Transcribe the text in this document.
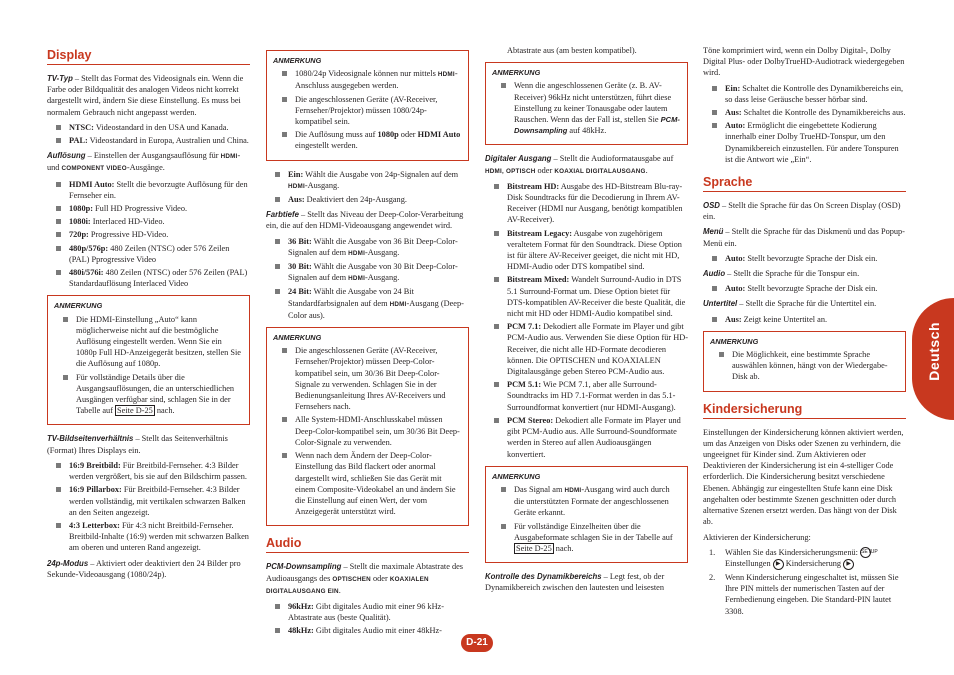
Display

TV-Typ – Stellt das Format des Videosignals ein. Wenn die Farbe oder Bildqualität des analogen Videos nicht korrekt dargestellt wird, ändern Sie diese Einstellung. Es muss bei normalem Gebrauch nicht angepasst werden.

NTSC: Videostandard in den USA und Kanada.
PAL: Videostandard in Europa, Australien und China.

Auflösung – Einstellen der Ausgangsauflösung für HDMI- und COMPONENT VIDEO-Ausgänge.

HDMI Auto: Stellt die bevorzugte Auflösung für den Fernseher ein.
1080p: Full HD Progressive Video.
1080i: Interlaced HD-Video.
720p: Progressive HD-Video.
480p/576p: 480 Zeilen (NTSC) oder 576 Zeilen (PAL) Pprogressive Video
480i/576i: 480 Zeilen (NTSC) oder 576 Zeilen (PAL) Standardauflösung Interlaced Video
ANMERKUNG
Die HDMI-Einstellung „Auto“ kann möglicherweise nicht auf die bestmögliche Auflösung eingestellt werden. Wenn Sie ein 1080p Full HD-Anzeigegerät besitzen, stellen Sie die Auflösung auf 1080p.
Für vollständige Details über die Ausgangsauflösungen, die an unterschiedlichen Ausgängen verfügbar sind, schlagen Sie in der Tabelle auf Seite D-25 nach.

TV-Bildseitenverhältnis – Stellt das Seitenverhältnis (Format) Ihres Displays ein.

16:9 Breitbild: Für Breitbild-Fernseher. 4:3 Bilder werden vergrößert, bis sie auf den Bildschirm passen.
16:9 Pillarbox: Für Breitbild-Fernseher. 4:3 Bilder werden vollständig, mit vertikalen schwarzen Balken an den Seiten angezeigt.
4:3 Letterbox: Für 4:3 nicht Breitbild-Fernseher. Breitbild-Inhalte (16:9) werden mit schwarzen Balken am oberen und unteren Rand angezeigt.

24p-Modus – Aktiviert oder deaktiviert den 24 Bilder pro Sekunde-Videoausgang (1080/24p).

ANMERKUNG
1080/24p Videosignale können nur mittels HDMI-Anschluss ausgegeben werden.
Die angeschlossenen Geräte (AV-Receiver, Fernseher/Projektor) müssen 1080/24p-kompatibel sein.
Die Auflösung muss auf 1080p oder HDMI Auto eingestellt werden.
Ein: Wählt die Ausgabe von 24p-Signalen auf dem HDMI-Ausgang.
Aus: Deaktiviert den 24p-Ausgang.

Farbtiefe – Stellt das Niveau der Deep-Color-Verarbeitung ein, die auf den HDMI-Videoausgang angewendet wird.

36 Bit: Wählt die Ausgabe von 36 Bit Deep-Color-Signalen auf dem HDMI-Ausgang.
30 Bit: Wählt die Ausgabe von 30 Bit Deep-Color-Signalen auf dem HDMI-Ausgang.
24 Bit: Wählt die Ausgabe von 24 Bit Standardfarbsignalen auf dem HDMI-Ausgang (Deep-Color aus).
ANMERKUNG
Die angeschlossenen Geräte (AV-Receiver, Fernseher/Projektor) müssen Deep-Color-kompatibel sein, um 30/36 Bit Deep-Color-Signale zu verwenden. Schlagen Sie in der Bedienungsanleitung Ihres AV-Receivers und Fernsehers nach.
Alle System-HDMI-Anschlusskabel müssen Deep-Color-kompatibel sein, um 30/36 Bit Deep-Color-Signale zu verwenden.
Wenn nach dem Ändern der Deep-Color-Einstellung das Bild flackert oder anormal dargestellt wird, schließen Sie das Gerät mit einem Composite-Videokabel an und ändern Sie die Einstellung auf einen Wert, der vom Anzeigegerät unterstützt wird.
Audio

PCM-Downsampling – Stellt die maximale Abtastrate des Audioausgangs des OPTISCHEN oder KOAXIALEN DIGITALAUSGANG EIN.

96kHz: Gibt digitales Audio mit einer 96 kHz-Abtastrate aus (beste Qualität).
48kHz: Gibt digitales Audio mit einer 48kHz-

Abtastrate aus (am besten kompatibel).

ANMERKUNG
Wenn die angeschlossenen Geräte (z. B. AV-Receiver) 96kHz nicht unterstützen, führt diese Einstellung zu keiner Tonausgabe oder lautem Rauschen. Wenn das der Fall ist, stellen Sie PCM-Downsampling auf 48kHz.

Digitaler Ausgang – Stellt die Audioformatausgabe auf HDMI, OPTISCH oder KOAXIAL DIGITALAUSGANG.

Bitstream HD: Ausgabe des HD-Bitstream Blu-ray-Disk Soundtracks für die Decodierung in Ihrem AV-Receiver (HDMI nur Ausgang, benötigt kompatiblen AV-Receiver).
Bitstream Legacy: Ausgabe von zugehörigem veraltetem Format für den Soundtrack. Diese Option ist für ältere AV-Receiver geeiget, die nicht mit HD, HDMI-Audio oder DTS kompatibel sind.
Bitstream Mixed: Wandelt Surround-Audio in DTS 5.1 Surround-Format um. Diese Option bietet für DTS-kompatiblen AV-Receiver die beste Qualität, die nicht mit HD oder HDMI-Audio kompatibel sind.
PCM 7.1: Dekodiert alle Formate im Player und gibt PCM-Audio aus. Verwenden Sie diese Option für HD-Receiver, die nicht alle HD-Formate decodieren können. Die OPTISCHEN und KOAXIALEN Digitalausgänge geben Stereo PCM-Audio aus.
PCM 5.1: Wie PCM 7.1, aber alle Surround-Soundtracks im HD 7.1-Format werden in das 5.1-Surroundformat konvertiert (nur HDMI-Ausgang).
PCM Stereo: Dekodiert alle Formate im Player und gibt PCM-Audio aus. Alle Surround-Soundformate werden in Stereo auf allen Audioausgängen konvertiert.
ANMERKUNG
Das Signal am HDMI-Ausgang wird auch durch die unterstützten Formate der angeschlossenen Geräte erkannt.
Für vollständige Einzelheiten über die Ausgabeformate schlagen Sie in der Tabelle auf Seite D-25 nach.

Kontrolle des Dynamikbereichs – Legt fest, ob der Dynamikbereich zwischen den lautesten und leisesten

Töne komprimiert wird, wenn ein Dolby Digital-, Dolby Digital Plus- oder DolbyTrueHD-Audiotrack wiedergegeben wird.

Ein: Schaltet die Kontrolle des Dynamikbereichs ein, so dass leise Geräusche besser hörbar sind.
Aus: Schaltet die Kontrolle des Dynamikbereichs aus.
Auto: Ermöglicht die eingebettete Kodierung innerhalb einer Dolby TrueHD-Tonspur, um den Dynamikbereich einzustellen. Für andere Tonspuren ist die Antwort wie „Ein“.
Sprache

OSD – Stellt die Sprache für das On Screen Display (OSD) ein.

Menü – Stellt die Sprache für das Diskmenü und das Popup-Menü ein.

Auto: Stellt bevorzugte Sprache der Disk ein.

Audio – Stellt die Sprache für die Tonspur ein.

Auto: Stellt bevorzugte Sprache der Disk ein.

Untertitel – Stellt die Sprache für die Untertitel ein.

Aus: Zeigt keine Untertitel an.
ANMERKUNG
Die Möglichkeit, eine bestimmte Sprache auswählen können, hängt von der Wiedergabe-Disk ab.
Kindersicherung

Einstellungen der Kindersicherung können aktiviert werden, um das Anzeigen von Disks oder Szenen zu verhindern, die ungeeignet für Kinder sind. Zum Aktivieren oder Deaktivieren der Kindersicherung ist ein 4-stelliger Code erforderlich. Die Kindersicherung besitzt verschiedene Ebenen. Abhängig zur eingestellten Stufe kann eine Disk angehalten oder bestimmte Szenen geschnitten oder durch alternative Szenen ersetzt werden. Das hängt von der Disk ab.

Aktivieren der Kindersicherung:

1. Wählen Sie das Kindersicherungsmenü: SETUP
Einstellungen ▶ Kindersicherung ▶
2. Wenn Kindersicherung eingeschaltet ist, müssen Sie Ihre PIN mittels der numerischen Tasten auf der Fernbedienung eingeben. Die Standard-PIN lautet 3308.
Deutsch
D-21
